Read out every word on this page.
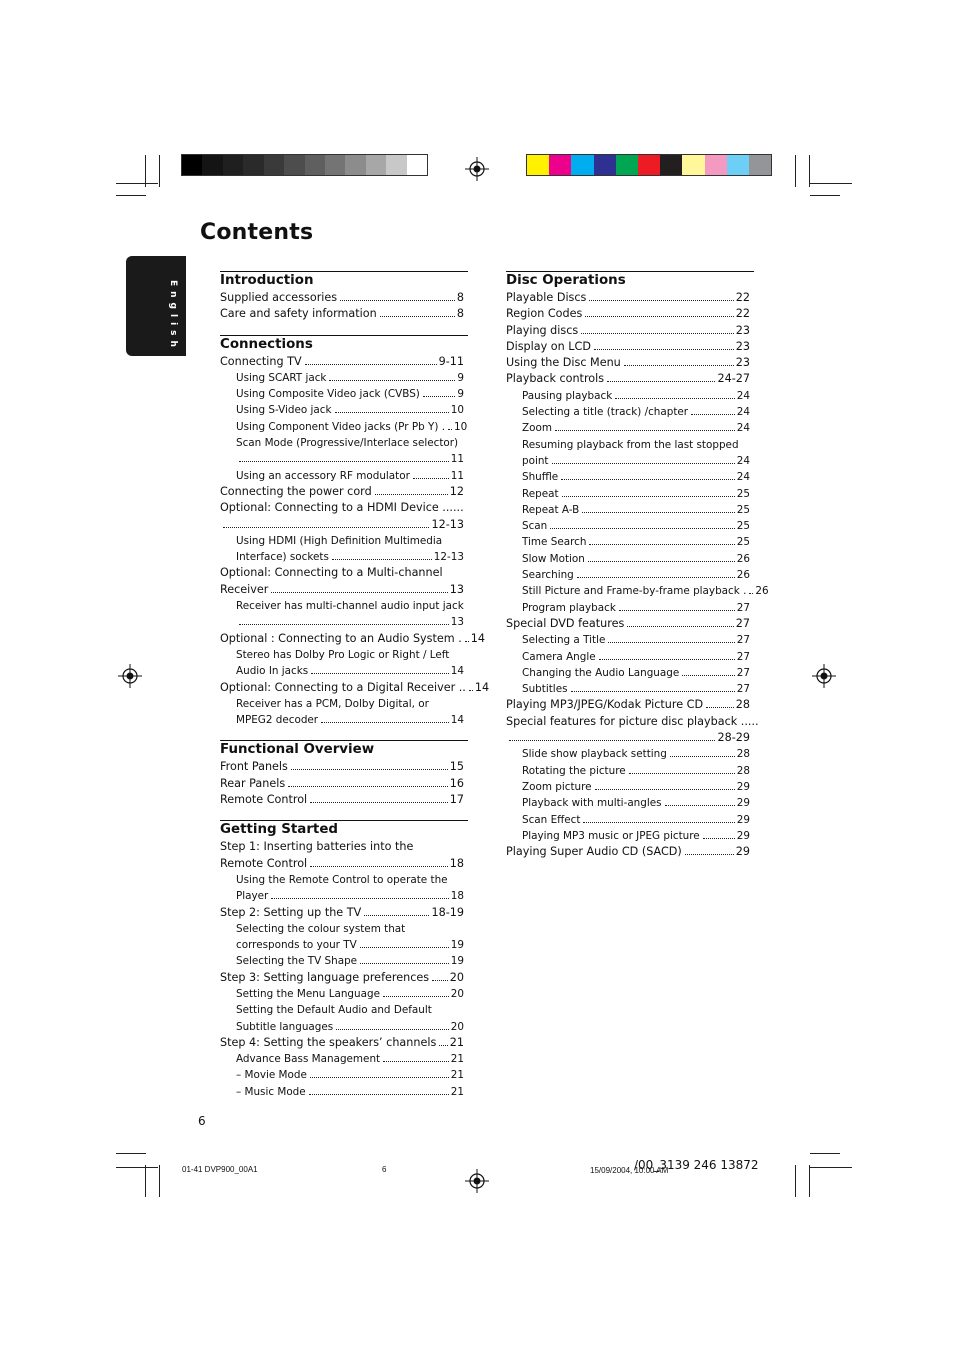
Contents
English	Introduction
Supplied accessories	8
Care and safety information	8
Connections
Connecting TV	9-11
Using SCART jack	9
Using Composite Video jack (CVBS)	9
Using S-Video jack	10
Using Component Video jacks (Pr Pb Y) . 10
Scan Mode (Progressive/Interlace selector)
11
Using an accessory RF modulator	11
Connecting the power cord	12
Optional: Connecting to a HDMI Device ......
12-13
Using HDMI (High Definition Multimedia
Interface) sockets	12-13
Optional: Connecting to a Multi-channel
Receiver	13
Receiver has multi-channel audio input jack
13
Optional : Connecting to an Audio System . 14
Stereo has Dolby Pro Logic or Right / Left
Audio In jacks	14
Optional: Connecting to a Digital Receiver .. 14
Receiver has a PCM, Dolby Digital, or
MPEG2 decoder	14
Functional Overview
Front Panels	15
Rear Panels	16
Remote Control	17
Getting Started
Step 1: Inserting batteries into the
Remote Control	18
Using the Remote Control to operate the
Player	18
Step 2: Setting up the TV	18-19
Selecting the colour system that
corresponds to your TV	19
Selecting the TV Shape	19
Step 3: Setting language preferences 20
Setting the Menu Language	20
Setting the Default Audio and Default
Subtitle languages	20
Step 4: Setting the speakers’ channels 21
Advance Bass Management	21
– Movie Mode	21
– Music Mode	21
Disc Operations
Playable Discs	22
Region Codes	22
Playing discs	23
Display on LCD	23
Using the Disc Menu	23
Playback controls	24-27
Pausing playback	24
Selecting a title (track) /chapter	24
Zoom	24
Resuming playback from the last stopped
point	24
Shuffle	24
Repeat	25
Repeat A-B	25
Scan	25
Time Search	25
Slow Motion	26
Searching	26
Still Picture and Frame-by-frame playback . 26
Program playback	27
Special DVD features	27
Selecting a Title	27
Camera Angle	27
Changing the Audio Language	27
Subtitles	27
Playing MP3/JPEG/Kodak Picture CD	28
Special features for picture disc playback .....
28-29
Slide show playback setting	28
Rotating the picture	28
Zoom picture	29
Playback with multi-angles	29
Scan Effect	29
Playing MP3 music or JPEG picture	29
Playing Super Audio CD (SACD)	29
6
/00_3139 246 13872
01-41 DVP900_00A1	6	15/09/2004, 10:00 AM
